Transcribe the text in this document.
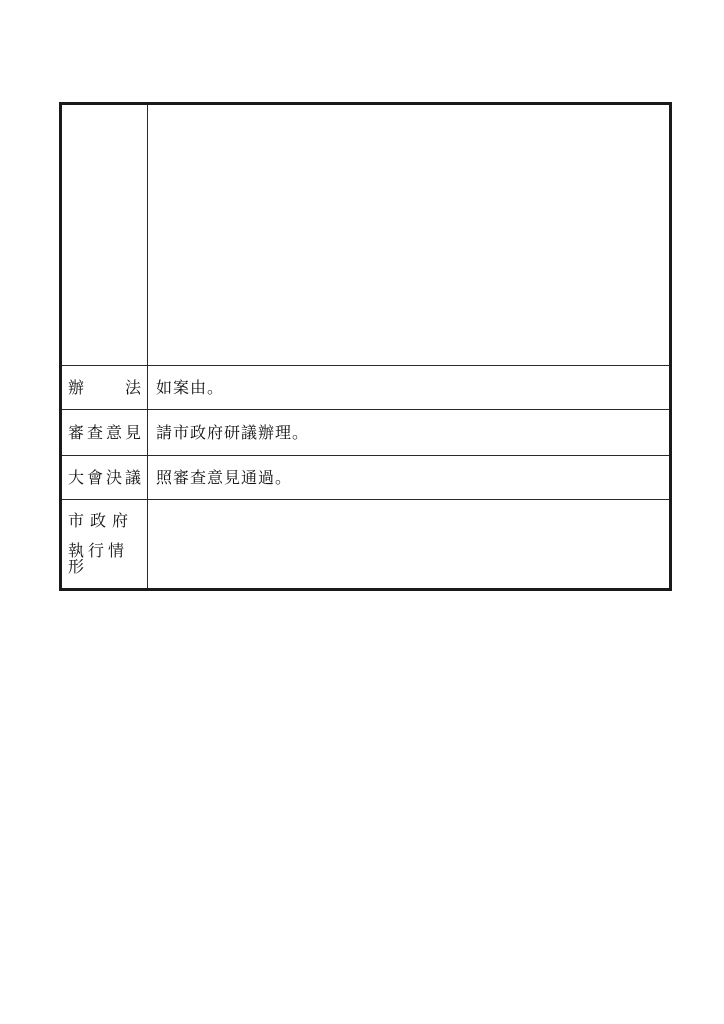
辦 法	如案由。

審查意見	請市政府研議辦理。

大會決議	照審查意見通過。

市政府
執行情形	
